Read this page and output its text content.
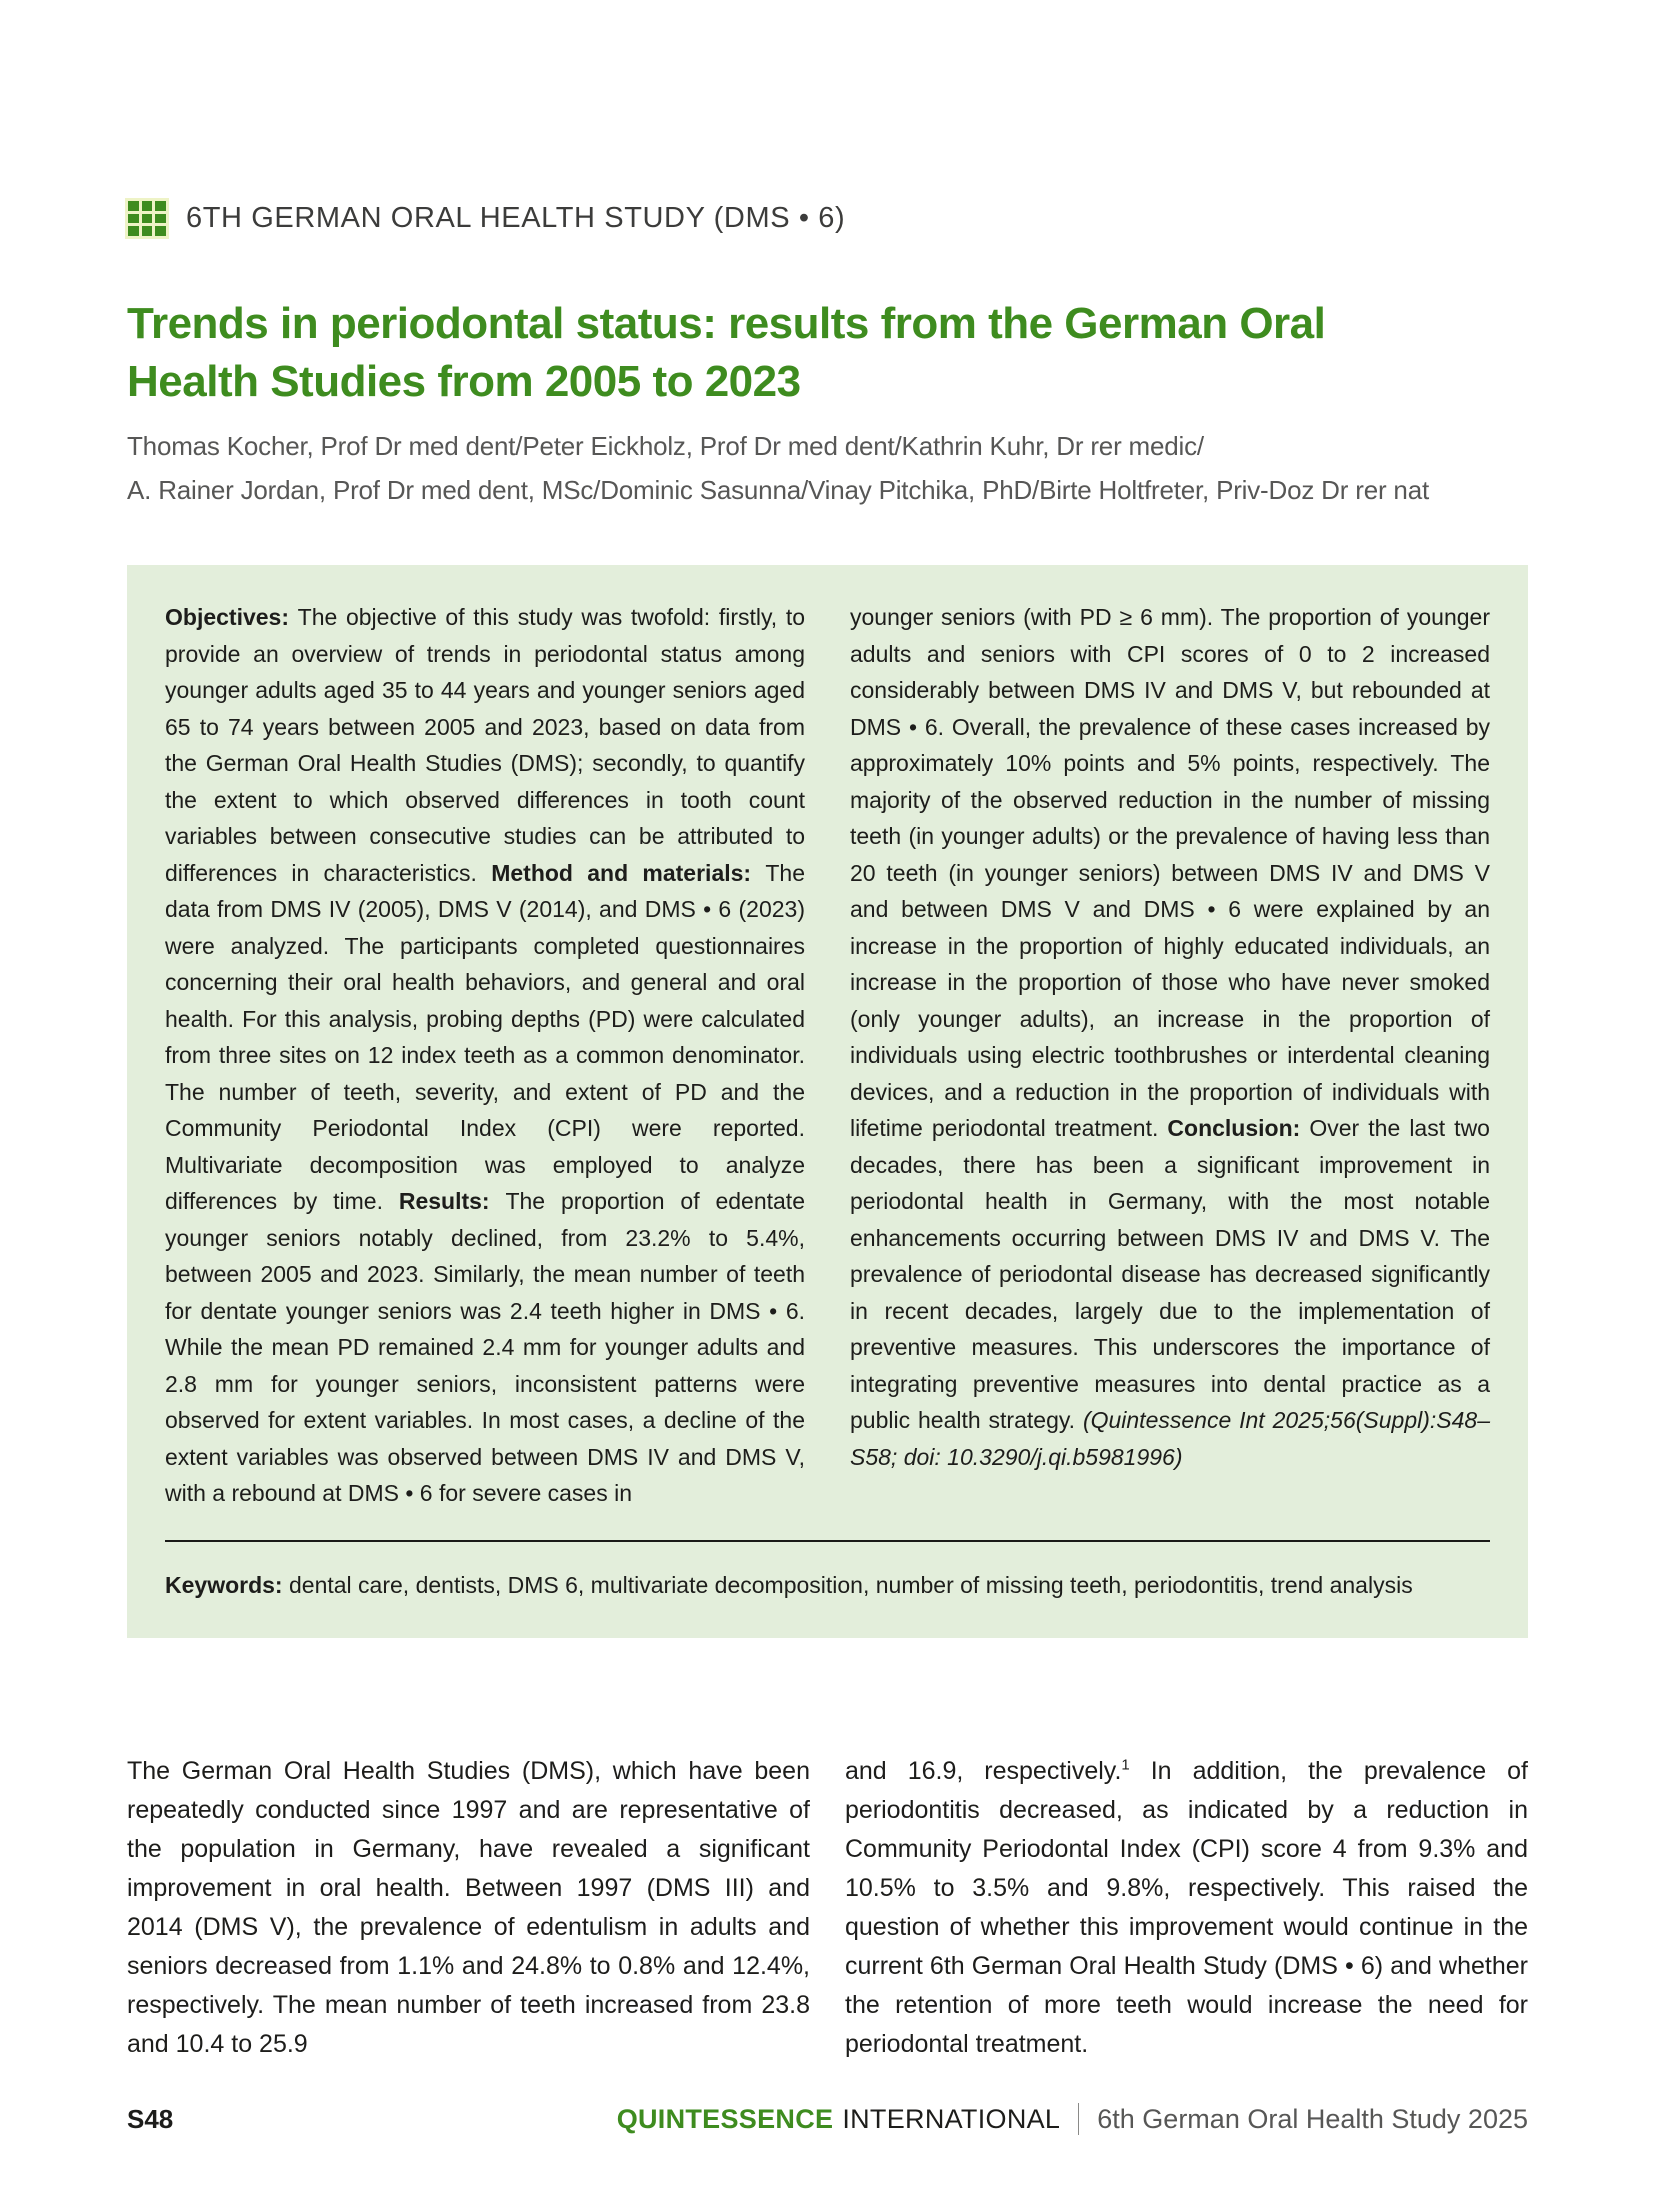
6TH GERMAN ORAL HEALTH STUDY (DMS • 6)
Trends in periodontal status: results from the German Oral
Health Studies from 2005 to 2023
Thomas Kocher, Prof Dr med dent/Peter Eickholz, Prof Dr med dent/Kathrin Kuhr, Dr rer medic/
A. Rainer Jordan, Prof Dr med dent, MSc/Dominic Sasunna/Vinay Pitchika, PhD/Birte Holtfreter, Priv-Doz Dr rer nat
Objectives: The objective of this study was twofold: firstly, to provide an overview of trends in periodontal status among younger adults aged 35 to 44 years and younger seniors aged 65 to 74 years between 2005 and 2023, based on data from the German Oral Health Studies (DMS); secondly, to quantify the extent to which observed differences in tooth count variables between consecutive studies can be attributed to differences in characteristics. Method and materials: The data from DMS IV (2005), DMS V (2014), and DMS • 6 (2023) were analyzed. The participants completed questionnaires concerning their oral health behaviors, and general and oral health. For this analysis, probing depths (PD) were calculated from three sites on 12 index teeth as a common denominator. The number of teeth, severity, and extent of PD and the Community Periodontal Index (CPI) were reported. Multivariate decomposition was employed to analyze differences by time. Results: The proportion of edentate younger seniors notably declined, from 23.2% to 5.4%, between 2005 and 2023. Similarly, the mean number of teeth for dentate younger seniors was 2.4 teeth higher in DMS • 6. While the mean PD remained 2.4 mm for younger adults and 2.8 mm for younger seniors, inconsistent patterns were observed for extent variables. In most cases, a decline of the extent variables was observed between DMS IV and DMS V, with a rebound at DMS • 6 for severe cases in
younger seniors (with PD ≥ 6 mm). The proportion of younger adults and seniors with CPI scores of 0 to 2 increased considerably between DMS IV and DMS V, but rebounded at DMS • 6. Overall, the prevalence of these cases increased by approximately 10% points and 5% points, respectively. The majority of the observed reduction in the number of missing teeth (in younger adults) or the prevalence of having less than 20 teeth (in younger seniors) between DMS IV and DMS V and between DMS V and DMS • 6 were explained by an increase in the proportion of highly educated individuals, an increase in the proportion of those who have never smoked (only younger adults), an increase in the proportion of individuals using electric toothbrushes or interdental cleaning devices, and a reduction in the proportion of individuals with lifetime periodontal treatment. Conclusion: Over the last two decades, there has been a significant improvement in periodontal health in Germany, with the most notable enhancements occurring between DMS IV and DMS V. The prevalence of periodontal disease has decreased significantly in recent decades, largely due to the implementation of preventive measures. This underscores the importance of integrating preventive measures into dental practice as a public health strategy. (Quintessence Int 2025;56(Suppl):S48–S58; doi: 10.3290/j.qi.b5981996)

Keywords: dental care, dentists, DMS 6, multivariate decomposition, number of missing teeth, periodontitis, trend analysis

The German Oral Health Studies (DMS), which have been repeatedly conducted since 1997 and are representative of the population in Germany, have revealed a significant improvement in oral health. Between 1997 (DMS III) and 2014 (DMS V), the prevalence of edentulism in adults and seniors decreased from 1.1% and 24.8% to 0.8% and 12.4%, respectively. The mean number of teeth increased from 23.8 and 10.4 to 25.9
and 16.9, respectively.$^1$ In addition, the prevalence of periodontitis decreased, as indicated by a reduction in Community Periodontal Index (CPI) score 4 from 9.3% and 10.5% to 3.5% and 9.8%, respectively. This raised the question of whether this improvement would continue in the current 6th German Oral Health Study (DMS • 6) and whether the retention of more teeth would increase the need for periodontal treatment.
S48	QUINTESSENCE INTERNATIONAL 6th German Oral Health Study 2025
